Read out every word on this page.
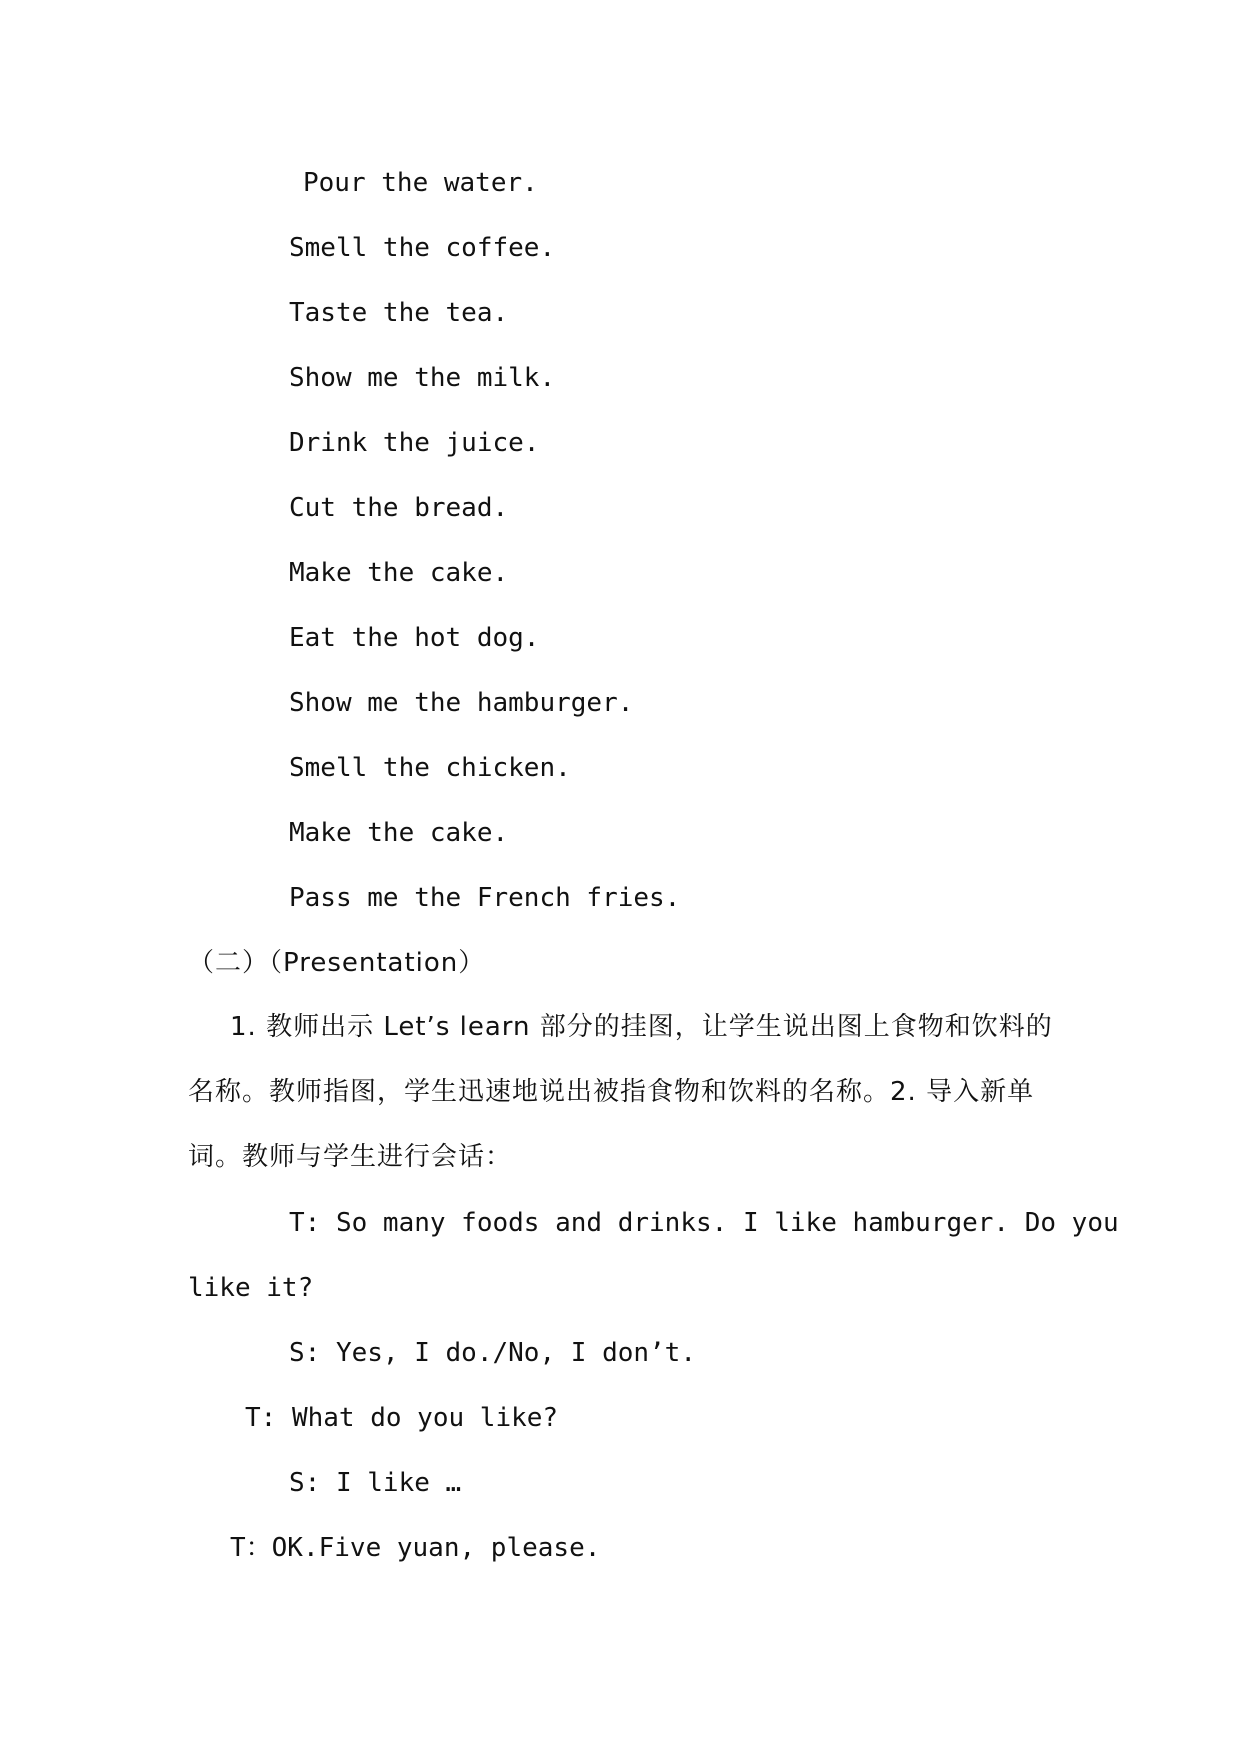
Pour the water.
Smell the coffee.
Taste the tea.
Show me the milk.
Drink the juice.
Cut the bread.
Make the cake.
Eat the hot dog.
Show me the hamburger.
Smell the chicken.
Make the cake.
Pass me the French fries.
（二）（Presentation）
1. 教师出示 Let’s learn 部分的挂图，让学生说出图上食物和饮料的名称。教师指图，学生迅速地说出被指食物和饮料的名称。2. 导入新单词。教师与学生进行会话：
T: So many foods and drinks. I like hamburger. Do you
like it?
S: Yes, I do./No, I don’t.
T: What do you like?
S: I like …
T：OK.Five yuan, please.
